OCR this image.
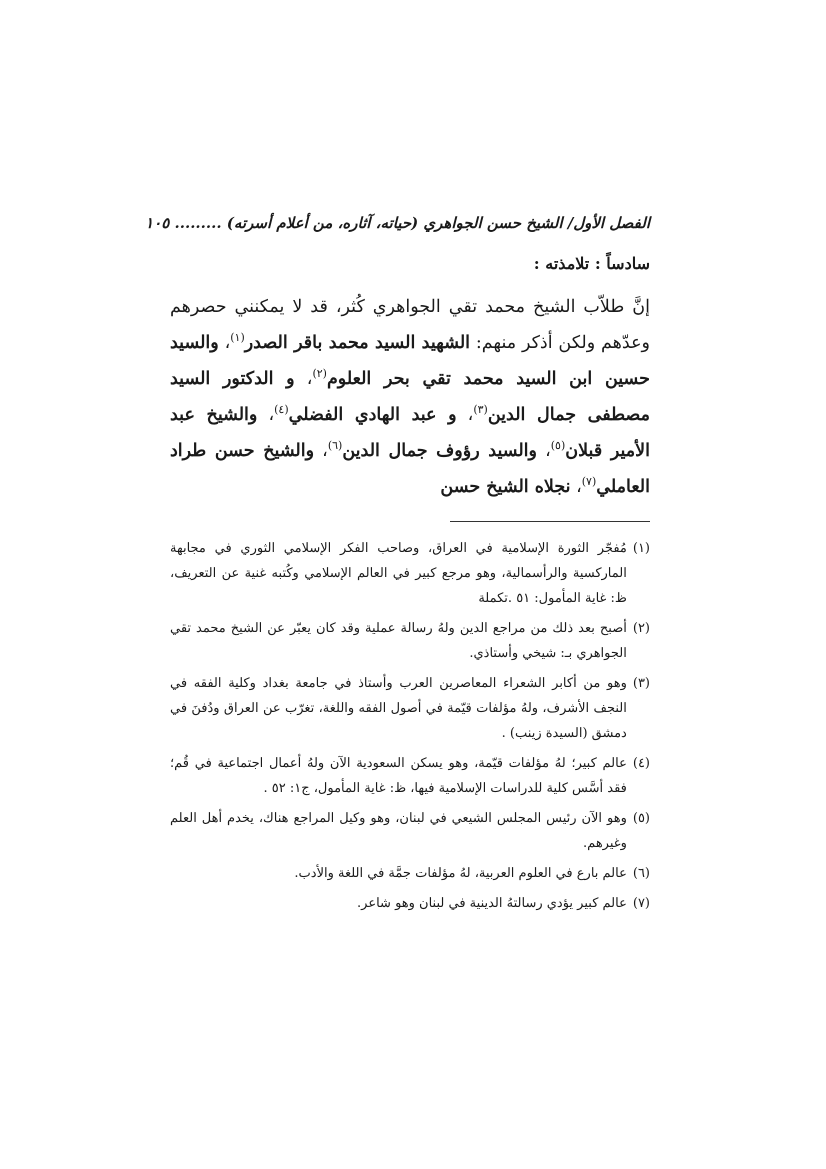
الفصل الأول/ الشيخ حسن الجواهري (حياته، آثاره، من أعلام أسرته) ......... ١٠٥
سادساً : تلامذته :

إنَّ طلاّب الشيخ محمد تقي الجواهري كُثر، قد لا يمكنني حصرهم وعدّهم ولكن أذكر منهم: الشهيد السيد محمد باقر الصدر$^{(١)}$، والسيد حسين ابن السيد محمد تقي بحر العلوم$^{(٢)}$، و الدكتور السيد مصطفى جمال الدين$^{(٣)}$، و عبد الهادي الفضلي$^{(٤)}$، والشيخ عبد الأمير قبلان$^{(٥)}$، والسيد رؤوف جمال الدين$^{(٦)}$، والشيخ حسن طراد العاملي$^{(٧)}$، نجلاه الشيخ حسن

(١)
مُفجّر الثورة الإسلامية في العراق، وصاحب الفكر الإسلامي الثوري في مجابهة الماركسية والرأسمالية، وهو مرجع كبير في العالم الإسلامي وكُتبه غنية عن التعريف، ظ: غاية المأمول: ٥١ .تكملة
(٢)
أصبح بعد ذلك من مراجع الدين ولهُ رسالة عملية وقد كان يعبّر عن الشيخ محمد تقي الجواهري بـ: شيخي وأستاذي.
(٣)
وهو من أكابر الشعراء المعاصرين العرب وأستاذ في جامعة بغداد وكلية الفقه في النجف الأشرف، ولهُ مؤلفات قيّمة في أصول الفقه واللغة، تغرّب عن العراق ودُفنَ في دمشق (السيدة زينب) .
(٤)
عالم كبير؛ لهُ مؤلفات قيّمة، وهو يسكن السعودية الآن ولهُ أعمال اجتماعية في قُم؛ فقد أسَّس كلية للدراسات الإسلامية فيها، ظ: غاية المأمول، ج١: ٥٢ .
(٥)
وهو الآن رئيس المجلس الشيعي في لبنان، وهو وكيل المراجع هناك، يخدم أهل العلم وغيرهم.
(٦)
عالم بارع في العلوم العربية، لهُ مؤلفات جمَّة في اللغة والأدب.
(٧)
عالم كبير يؤدي رسالتهُ الدينية في لبنان وهو شاعر.
